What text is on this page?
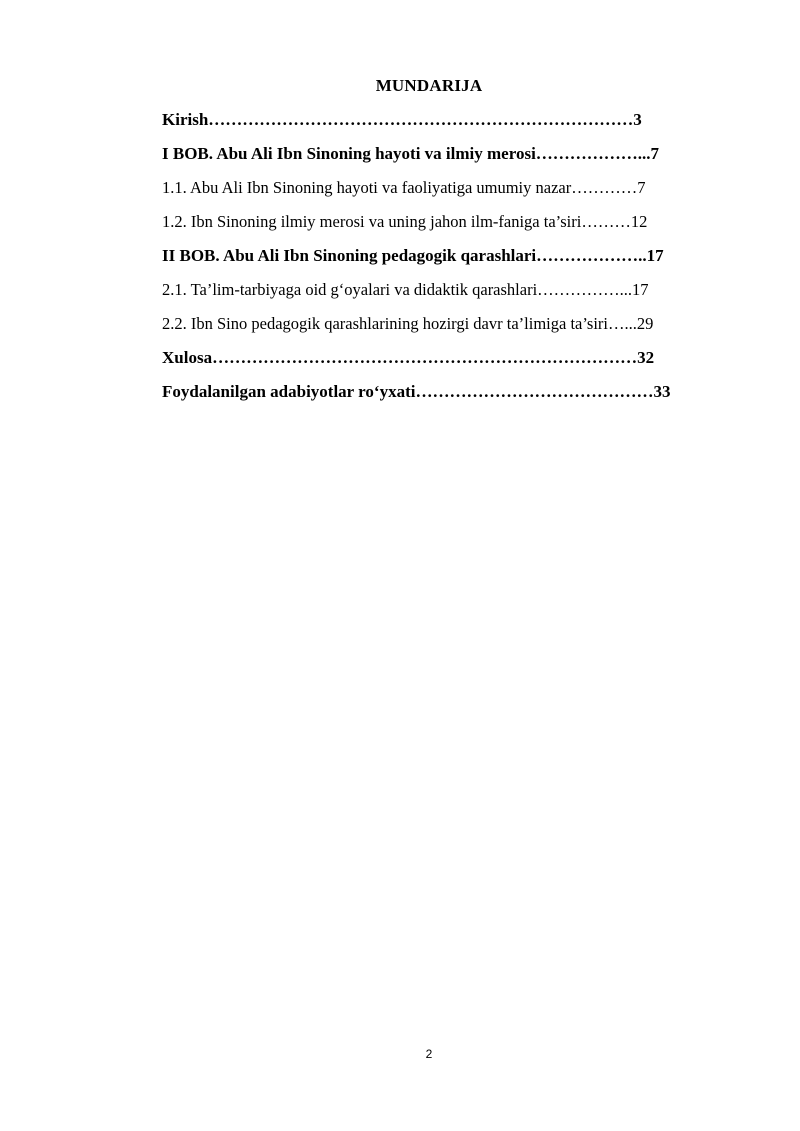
MUNDARIJA
Kirish…………………………………………………………………3
I BOB. Abu Ali Ibn Sinoning hayoti va ilmiy merosi………………...7
1.1. Abu Ali Ibn Sinoning hayoti va faoliyatiga umumiy nazar…………7
1.2. Ibn Sinoning ilmiy merosi va uning jahon ilm-faniga ta’siri………12
II BOB. Abu Ali Ibn Sinoning pedagogik qarashlari………………..17
2.1. Ta’lim-tarbiyaga oid g‘oyalari va didaktik qarashlari……………...17
2.2. Ibn Sino pedagogik qarashlarining hozirgi davr ta’limiga ta’siri…...29
Xulosa…………………………………………………………………32
Foydalanilgan adabiyotlar ro‘yxati……………………………………33
2
